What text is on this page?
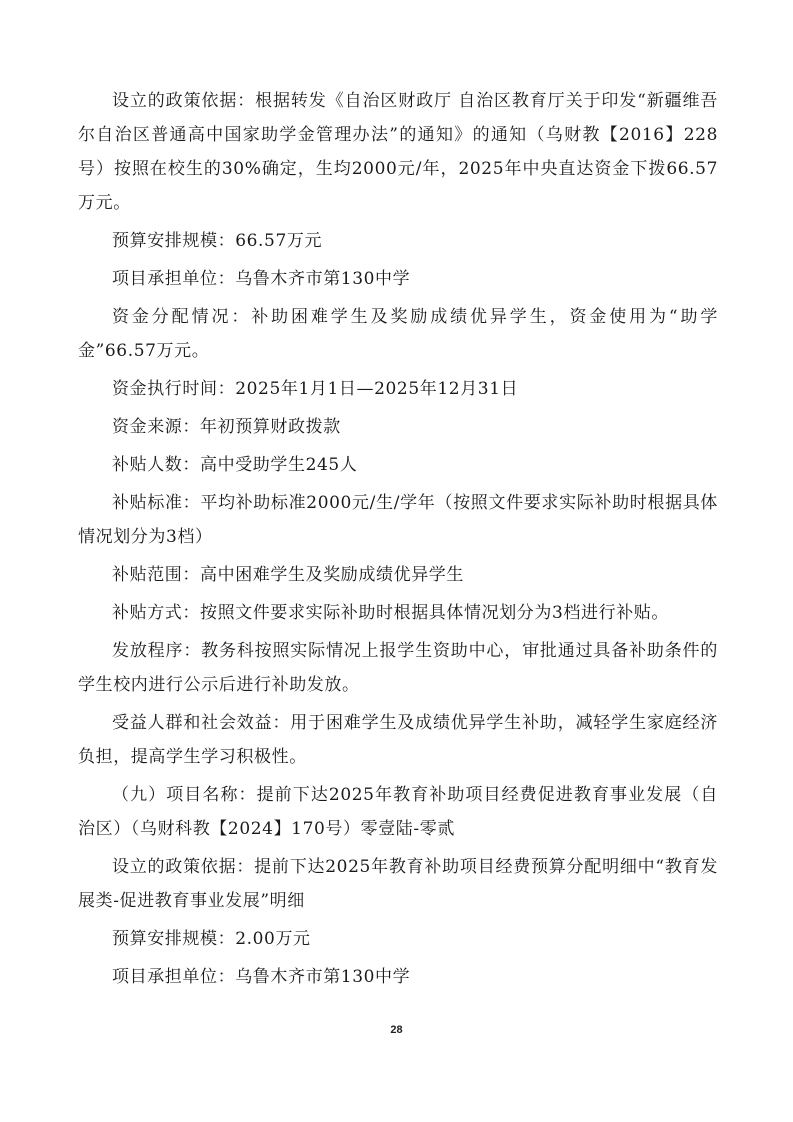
设立的政策依据：根据转发《自治区财政厅 自治区教育厅关于印发“新疆维吾尔自治区普通高中国家助学金管理办法”的通知》的通知（乌财教【2016】228号）按照在校生的30%确定，生均2000元/年，2025年中央直达资金下拨66.57万元。

预算安排规模：66.57万元

项目承担单位：乌鲁木齐市第130中学

资金分配情况：补助困难学生及奖励成绩优异学生，资金使用为“助学金”66.57万元。

资金执行时间：2025年1月1日—2025年12月31日

资金来源：年初预算财政拨款

补贴人数：高中受助学生245人

补贴标准：平均补助标准2000元/生/学年（按照文件要求实际补助时根据具体情况划分为3档）

补贴范围：高中困难学生及奖励成绩优异学生

补贴方式：按照文件要求实际补助时根据具体情况划分为3档进行补贴。

发放程序：教务科按照实际情况上报学生资助中心，审批通过具备补助条件的学生校内进行公示后进行补助发放。

受益人群和社会效益：用于困难学生及成绩优异学生补助，减轻学生家庭经济负担，提高学生学习积极性。

（九）项目名称：提前下达2025年教育补助项目经费促进教育事业发展（自治区）（乌财科教【2024】170号）零壹陆-零贰

设立的政策依据：提前下达2025年教育补助项目经费预算分配明细中“教育发展类-促进教育事业发展”明细

预算安排规模：2.00万元

项目承担单位：乌鲁木齐市第130中学

28
